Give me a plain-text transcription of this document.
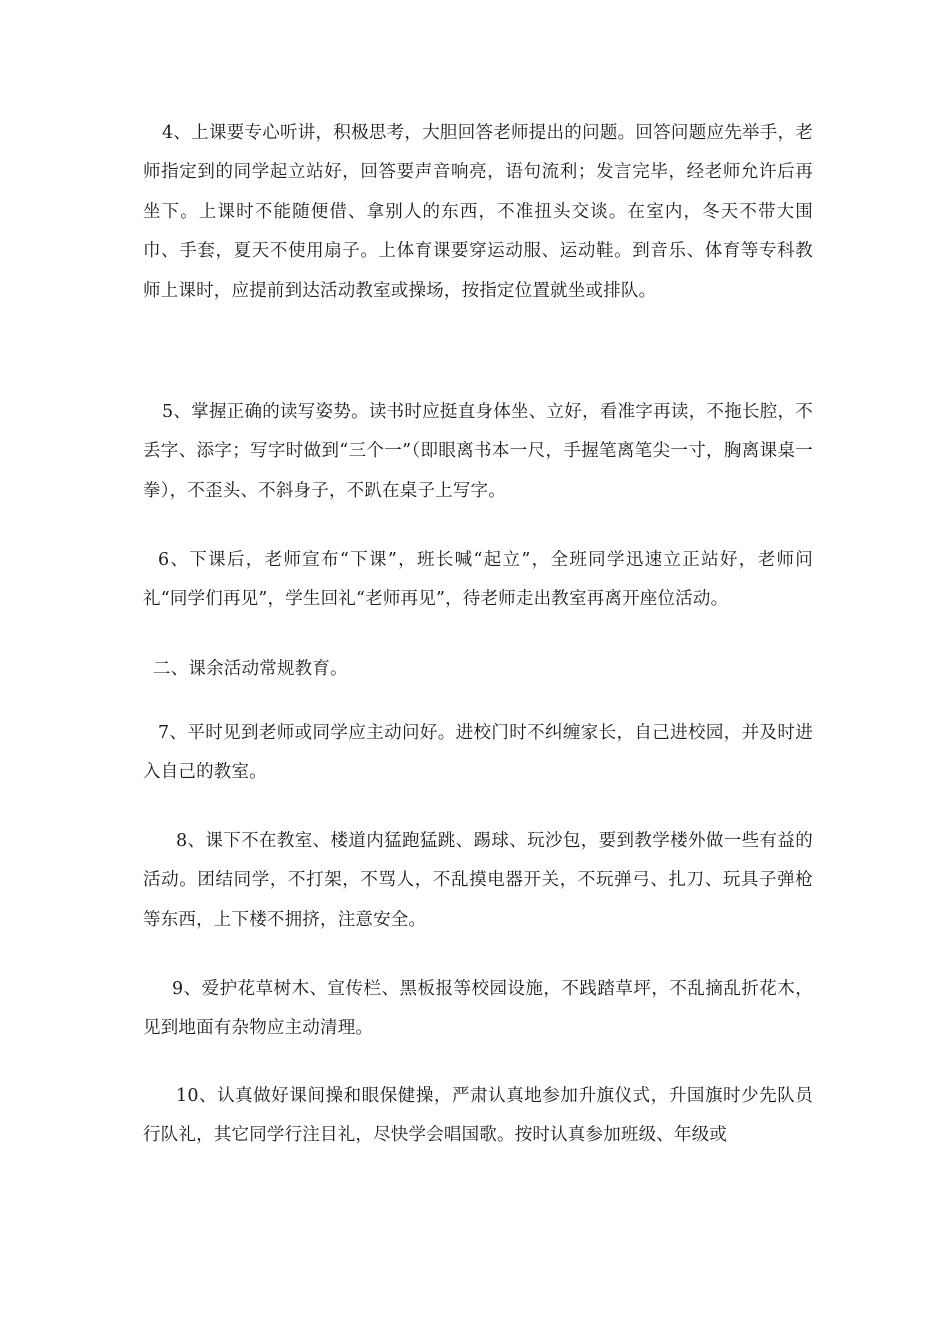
4、上课要专心听讲，积极思考，大胆回答老师提出的问题。回答问题应先举手，老师指定到的同学起立站好，回答要声音响亮，语句流利；发言完毕，经老师允许后再坐下。上课时不能随便借、拿别人的东西，不准扭头交谈。在室内，冬天不带大围巾、手套，夏天不使用扇子。上体育课要穿运动服、运动鞋。到音乐、体育等专科教师上课时，应提前到达活动教室或操场，按指定位置就坐或排队。

5、掌握正确的读写姿势。读书时应挺直身体坐、立好，看准字再读，不拖长腔，不丢字、添字；写字时做到“三个一”（即眼离书本一尺，手握笔离笔尖一寸，胸离课桌一拳），不歪头、不斜身子，不趴在桌子上写字。

6、下课后，老师宣布“下课”，班长喊“起立”，全班同学迅速立正站好，老师问礼“同学们再见”，学生回礼“老师再见”，待老师走出教室再离开座位活动。

二、课余活动常规教育。

7、平时见到老师或同学应主动问好。进校门时不纠缠家长，自己进校园，并及时进入自己的教室。

8、课下不在教室、楼道内猛跑猛跳、踢球、玩沙包，要到教学楼外做一些有益的活动。团结同学，不打架，不骂人，不乱摸电器开关，不玩弹弓、扎刀、玩具子弹枪等东西，上下楼不拥挤，注意安全。

9、爱护花草树木、宣传栏、黑板报等校园设施，不践踏草坪，不乱摘乱折花木，见到地面有杂物应主动清理。

10、认真做好课间操和眼保健操，严肃认真地参加升旗仪式，升国旗时少先队员行队礼，其它同学行注目礼，尽快学会唱国歌。按时认真参加班级、年级或
